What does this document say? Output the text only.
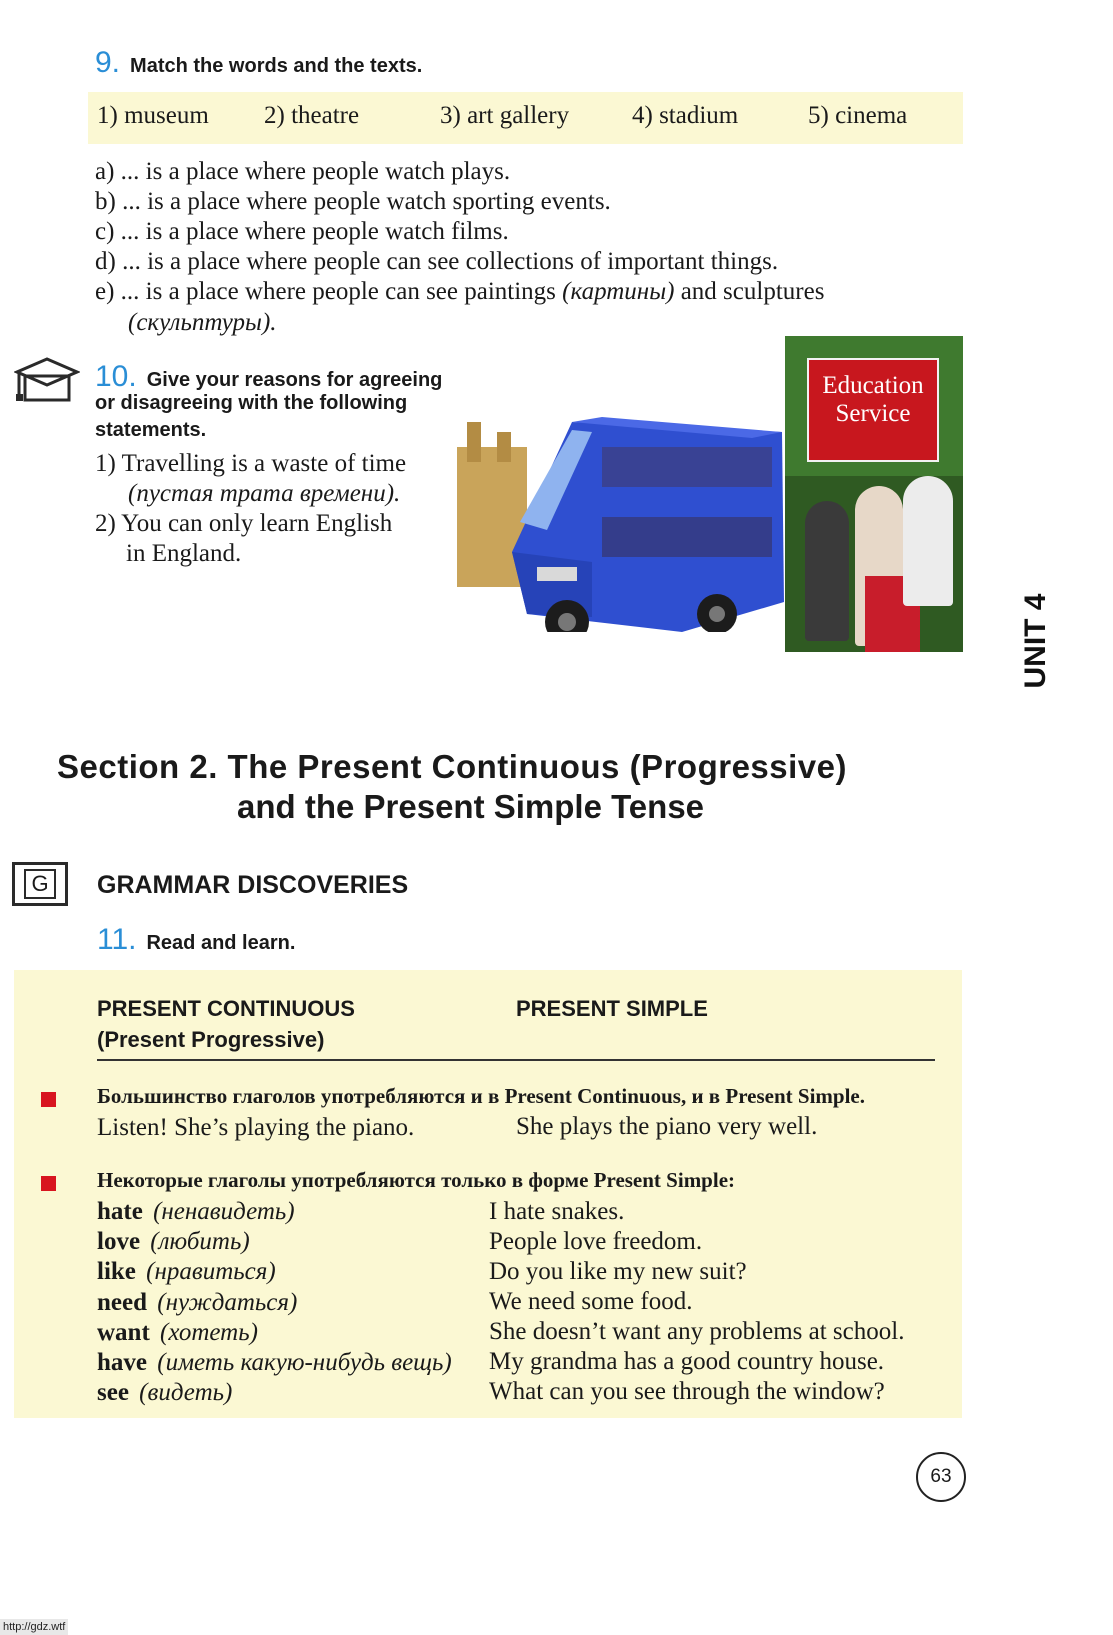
9. Match the words and the texts.
1) museum 2) theatre	3) art gallery	4) stadium	5) cinema
a) ... is a place where people watch plays.
b) ... is a place where people watch sporting events.
c) ... is a place where people watch films.
d) ... is a place where people can see collections of important things.
e) ... is a place where people can see paintings (картины) and sculptures
(скульптуры).
10. Give your reasons for agreeing
or disagreeing with the following
statements.
1) Travelling is a waste of time
(пустая трата времени).
2) You can only learn English
in England.
Education
Service
UNIT 4
Section 2. The Present Continuous (Progressive)
and the Present Simple Tense
G GRAMMAR DISCOVERIES
11. Read and learn.
PRESENT CONTINUOUS
(Present Progressive)
PRESENT SIMPLE
Большинство глаголов употребляются и в Present Continuous, и в Present Simple.
Listen! She’s playing the piano.	She plays the piano very well.
Некоторые глаголы употребляются только в форме Present Simple:
hate (ненавидеть)	I hate snakes.
love (любить)	People love freedom.
like (нравиться)	Do you like my new suit?
need (нуждаться)	We need some food.
want (хотеть)	She doesn’t want any problems at school.
have (иметь какую-нибудь вещь) My grandma has a good country house.
see (видеть)	What can you see through the window?
63
http://gdz.wtf
